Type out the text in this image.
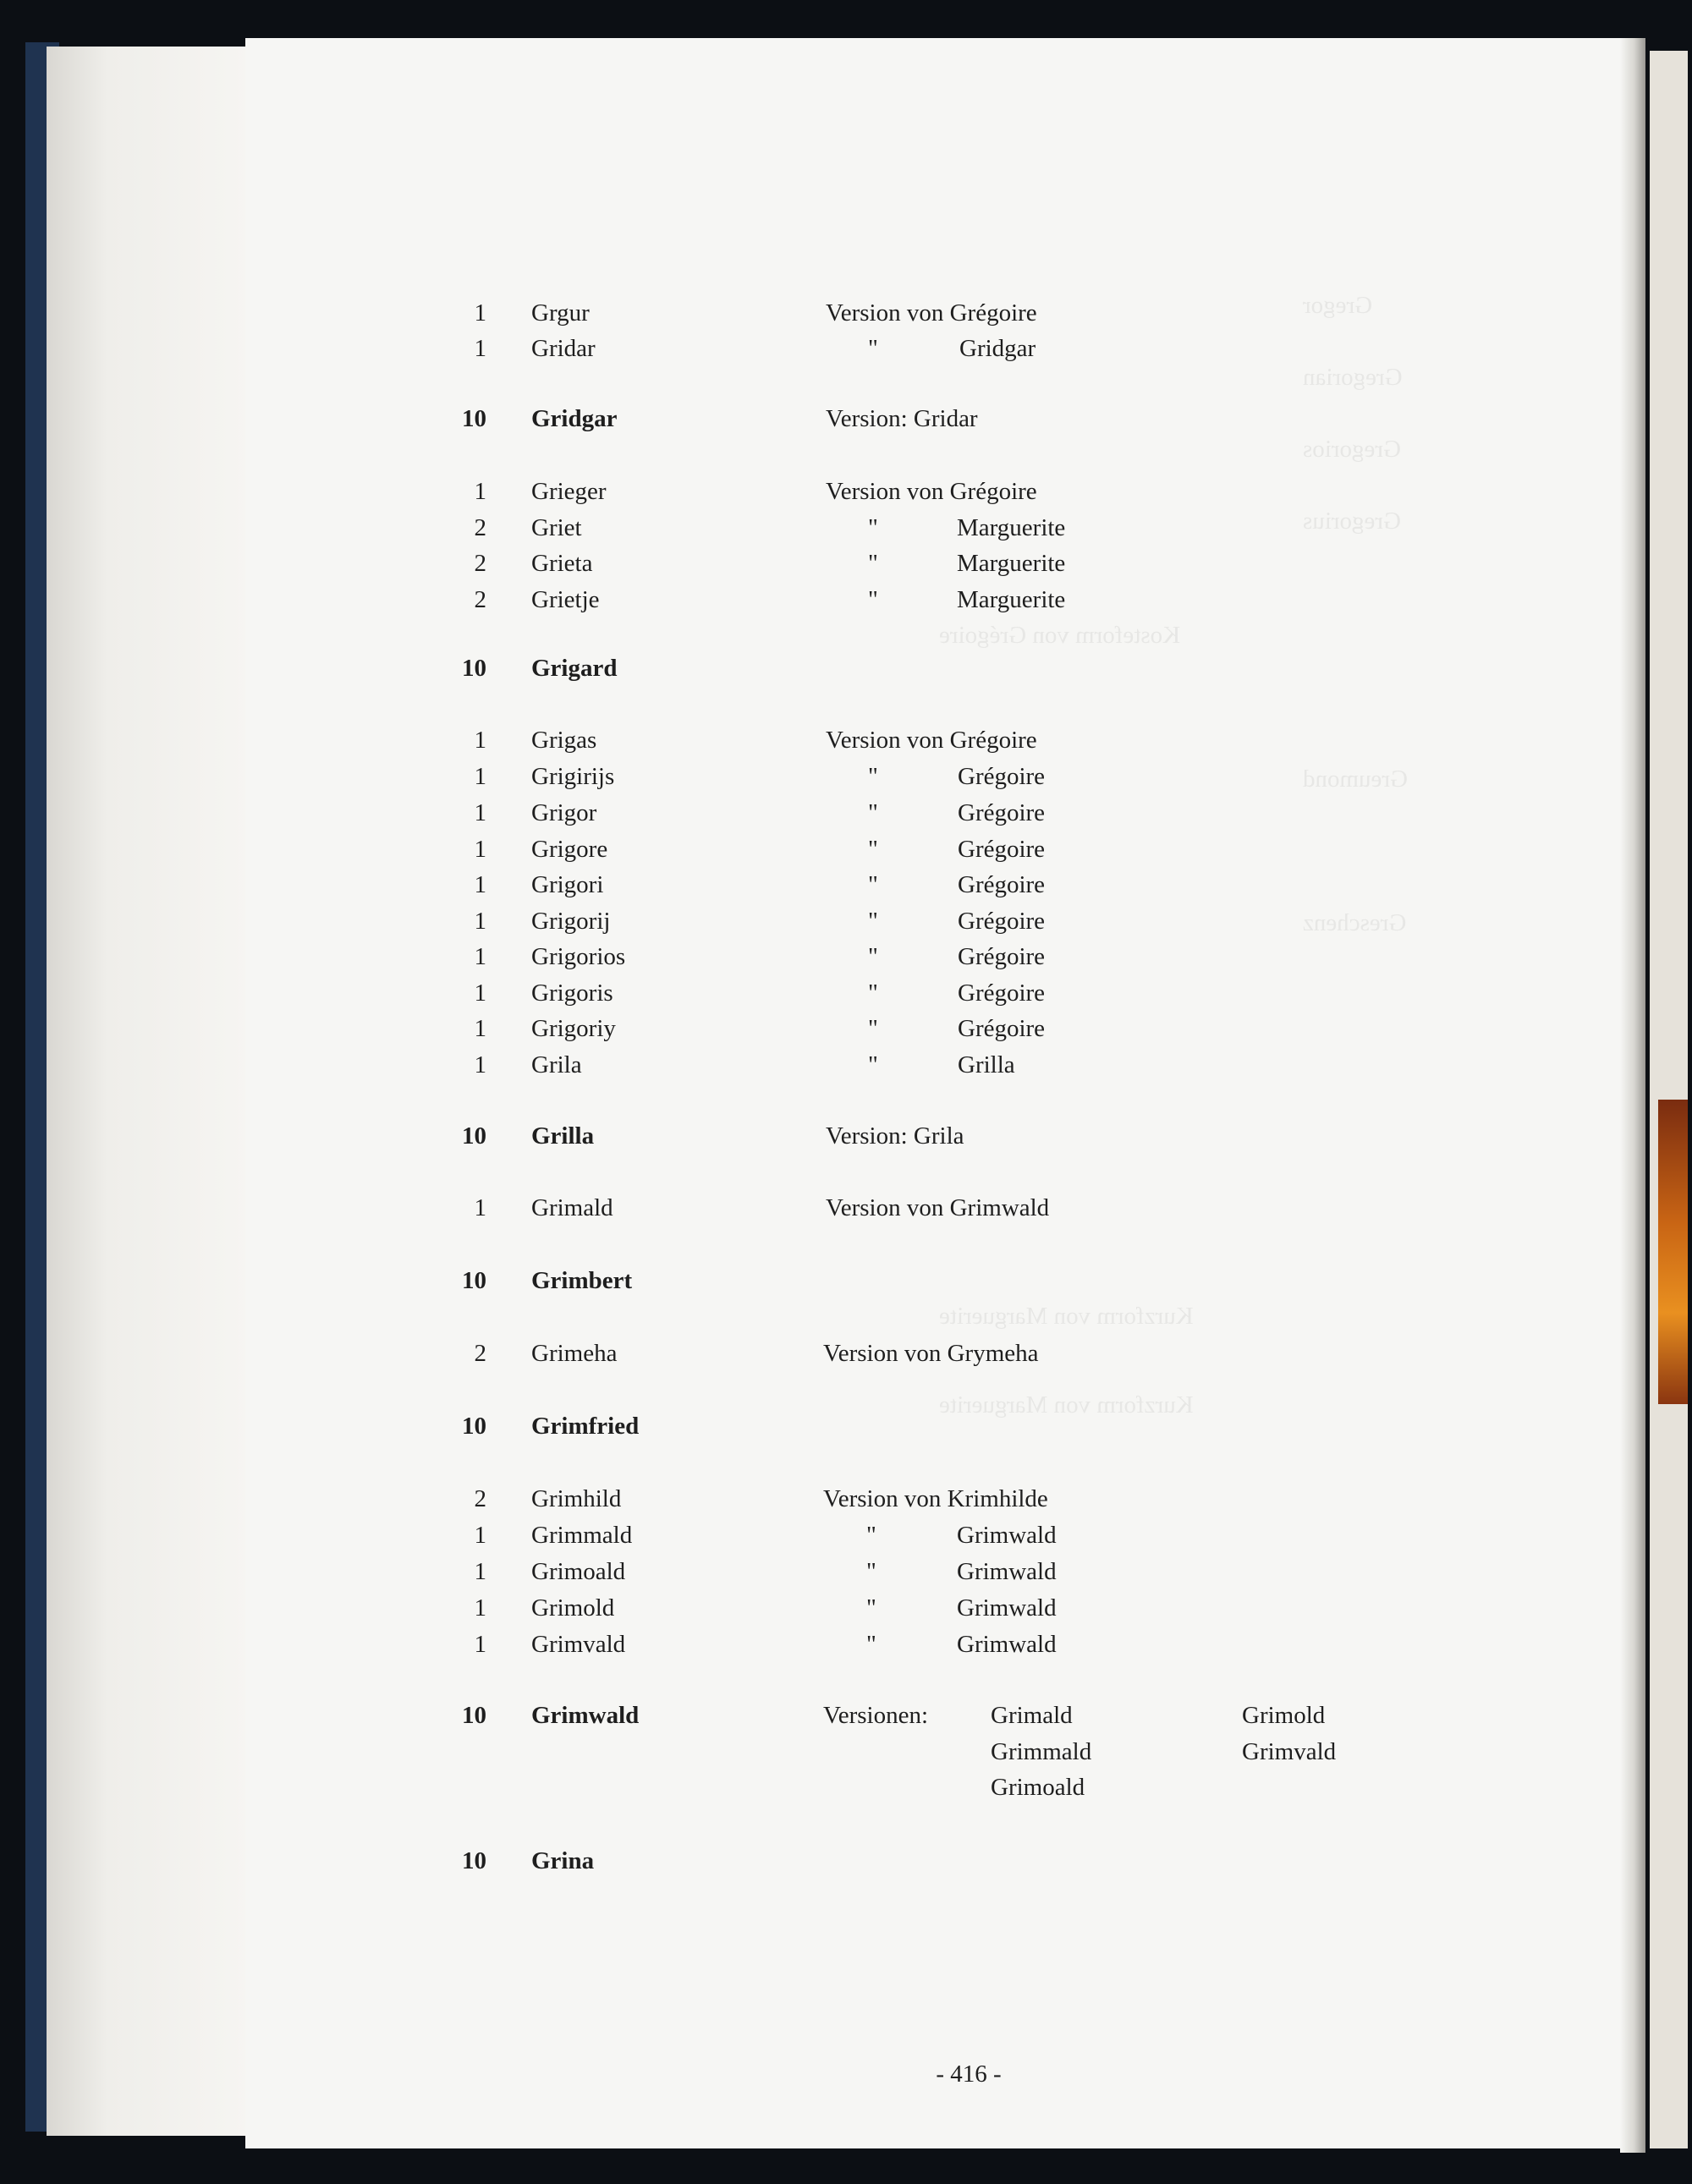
1 Grgur	Version von Grégoire
1 Gridar	"	Gridgar
10 Gridgar	Version: Gridar
1 Grieger	Version von Grégoire
2 Griet	"	Marguerite
2 Grieta	"	Marguerite
2 Grietje	"	Marguerite
10 Grigard
1 Grigas	Version von Grégoire
1 Grigirijs	"	Grégoire
1 Grigor	"	Grégoire
1 Grigore	"	Grégoire
1 Grigori	"	Grégoire
1 Grigorij	"	Grégoire
1 Grigorios	"	Grégoire
1 Grigoris	"	Grégoire
1 Grigoriy	"	Grégoire
1 Grila	"	Grilla
10 Grilla	Version: Grila
1 Grimald	Version von Grimwald
10 Grimbert
2 Grimeha	Version von Grymeha
10 Grimfried
2 Grimhild	Version von Krimhilde
1 Grimmald	"	Grimwald
1 Grimoald	"	Grimwald
1 Grimold	"	Grimwald
1 Grimvald	"	Grimwald
10 Grimwald	Versionen:	Grimald	Grimold
Grimmald	Grimvald
Grimoald
10 Grina
- 416 -
